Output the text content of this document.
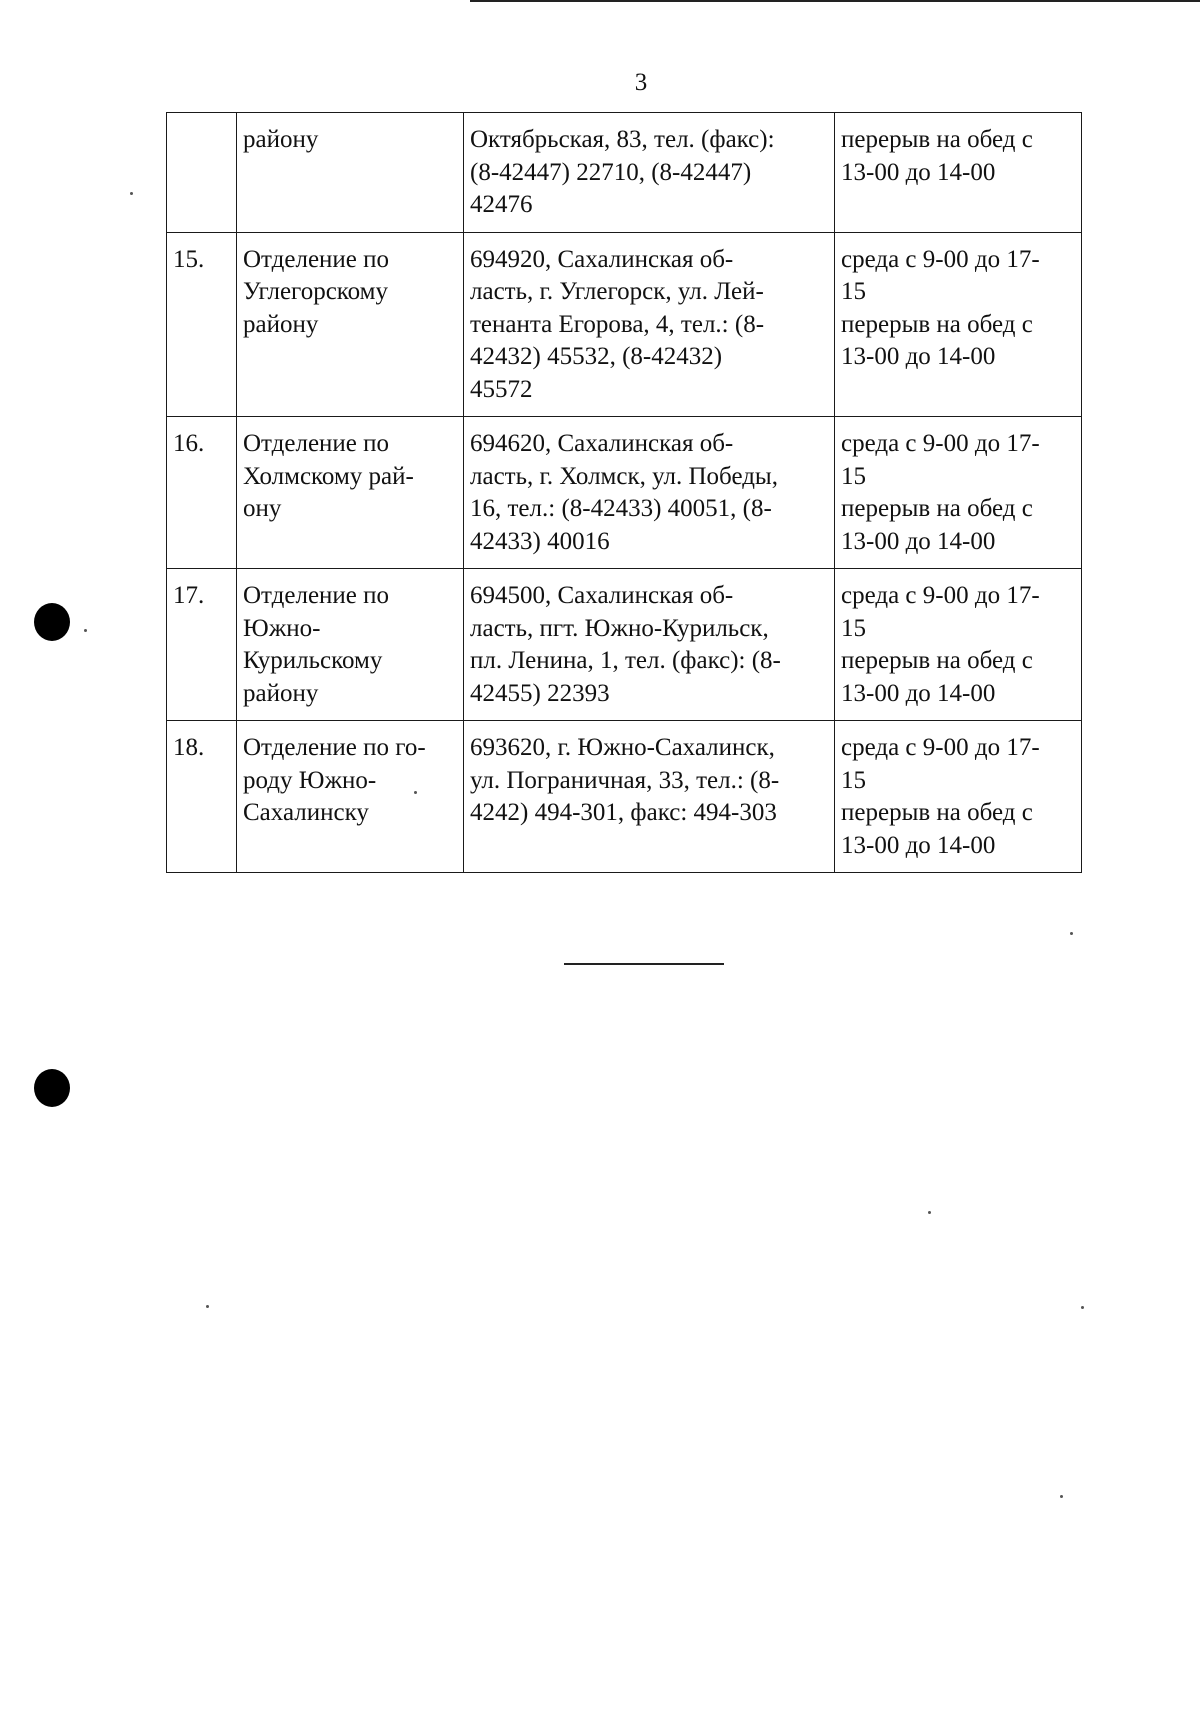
3

	району	Октябрьская, 83, тел. (факс):
(8-42447) 22710, (8-42447)
42476	перерыв на обед с
13-00 до 14-00

15.	Отделение по
Углегорскому
району	694920, Сахалинская об-
ласть, г. Углегорск, ул. Лей-
тенанта Егорова, 4, тел.: (8-
42432) 45532, (8-42432)
45572	среда с 9-00 до 17-
15
перерыв на обед с
13-00 до 14-00

16.	Отделение по
Холмскому рай-
ону	694620, Сахалинская об-
ласть, г. Холмск, ул. Победы,
16, тел.: (8-42433) 40051, (8-
42433) 40016	среда с 9-00 до 17-
15
перерыв на обед с
13-00 до 14-00

17.	Отделение по
Южно-
Курильскому
району	694500, Сахалинская об-
ласть, пгт. Южно-Курильск,
пл. Ленина, 1, тел. (факс): (8-
42455) 22393	среда с 9-00 до 17-
15
перерыв на обед с
13-00 до 14-00

18.	Отделение по го-
роду Южно-
Сахалинску	693620, г. Южно-Сахалинск,
ул. Пограничная, 33, тел.: (8-
4242) 494-301, факс: 494-303	среда с 9-00 до 17-
15
перерыв на обед с
13-00 до 14-00
